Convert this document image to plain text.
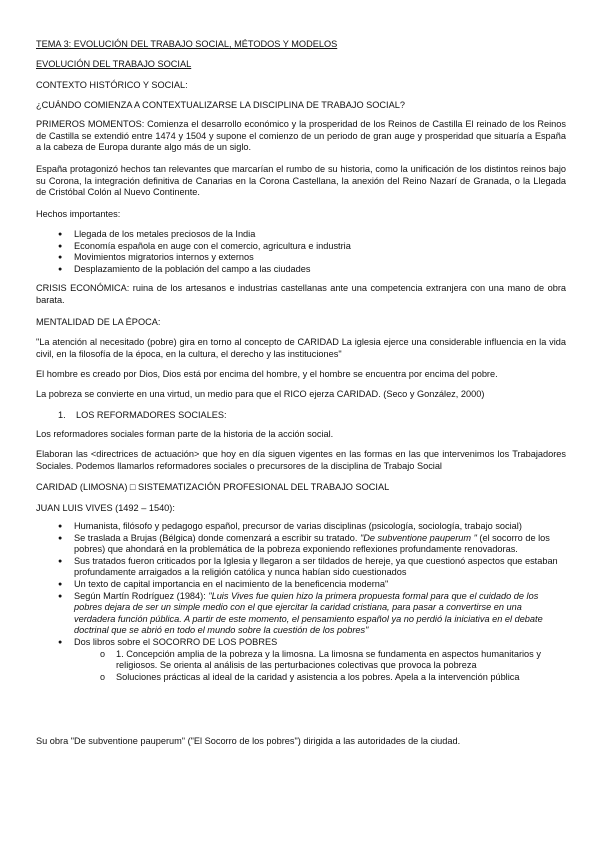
TEMA 3: EVOLUCIÓN DEL TRABAJO SOCIAL, MÉTODOS Y MODELOS

EVOLUCIÓN DEL TRABAJO SOCIAL

CONTEXTO HISTÓRICO Y SOCIAL:

¿CUÁNDO COMIENZA A CONTEXTUALIZARSE LA DISCIPLINA DE TRABAJO SOCIAL?

PRIMEROS MOMENTOS: Comienza el desarrollo económico y la prosperidad de los Reinos de Castilla El reinado de los Reinos de Castilla se extendió entre 1474 y 1504 y supone el comienzo de un periodo de gran auge y prosperidad que situaría a España a la cabeza de Europa durante algo más de un siglo.

España protagonizó hechos tan relevantes que marcarían el rumbo de su historia, como la unificación de los distintos reinos bajo su Corona, la integración definitiva de Canarias en la Corona Castellana, la anexión del Reino Nazarí de Granada, o la Llegada de Cristóbal Colón al Nuevo Continente.

Hechos importantes:

● Llegada de los metales preciosos de la India
● Economía española en auge con el comercio, agricultura e industria
● Movimientos migratorios internos y externos
● Desplazamiento de la población del campo a las ciudades

CRISIS ECONÓMICA: ruina de los artesanos e industrias castellanas ante una competencia extranjera con una mano de obra barata.

MENTALIDAD DE LA ÉPOCA:

"La atención al necesitado (pobre) gira en torno al concepto de CARIDAD La iglesia ejerce una considerable influencia en la vida civil, en la filosofía de la época, en la cultura, el derecho y las instituciones"

El hombre es creado por Dios, Dios está por encima del hombre, y el hombre se encuentra por encima del pobre.

La pobreza se convierte en una virtud, un medio para que el RICO ejerza CARIDAD. (Seco y González, 2000)

1. LOS REFORMADORES SOCIALES:

Los reformadores sociales forman parte de la historia de la acción social.

Elaboran las <directrices de actuación> que hoy en día siguen vigentes en las formas en las que intervenimos los Trabajadores Sociales. Podemos llamarlos reformadores sociales o precursores de la disciplina de Trabajo Social

CARIDAD (LIMOSNA) □ SISTEMATIZACIÓN PROFESIONAL DEL TRABAJO SOCIAL

JUAN LUIS VIVES (1492 – 1540):

● Humanista, filósofo y pedagogo español, precursor de varias disciplinas (psicología, sociología, trabajo social)
● Se traslada a Brujas (Bélgica) donde comenzará a escribir su tratado. "De subventione pauperum " (el socorro de los pobres) que ahondará en la problemática de la pobreza exponiendo reflexiones profundamente renovadoras.
● Sus tratados fueron criticados por la Iglesia y llegaron a ser tildados de hereje, ya que cuestionó aspectos que estaban profundamente arraigados a la religión católica y nunca habían sido cuestionados
● Un texto de capital importancia en el nacimiento de la beneficencia moderna"
● Según Martín Rodríguez (1984): "Luis Vives fue quien hizo la primera propuesta formal para que el cuidado de los pobres dejara de ser un simple medio con el que ejercitar la caridad cristiana, para pasar a convertirse en una verdadera función pública. A partir de este momento, el pensamiento español ya no perdió la iniciativa en el debate doctrinal que se abrió en todo el mundo sobre la cuestión de los pobres"
● Dos libros sobre el SOCORRO DE LOS POBRES
o 1. Concepción amplia de la pobreza y la limosna. La limosna se fundamenta en aspectos humanitarios y religiosos. Se orienta al análisis de las perturbaciones colectivas que provoca la pobreza
o Soluciones prácticas al ideal de la caridad y asistencia a los pobres. Apela a la intervención pública

Su obra "De subventione pauperum" ("El Socorro de los pobres") dirigida a las autoridades de la ciudad.
